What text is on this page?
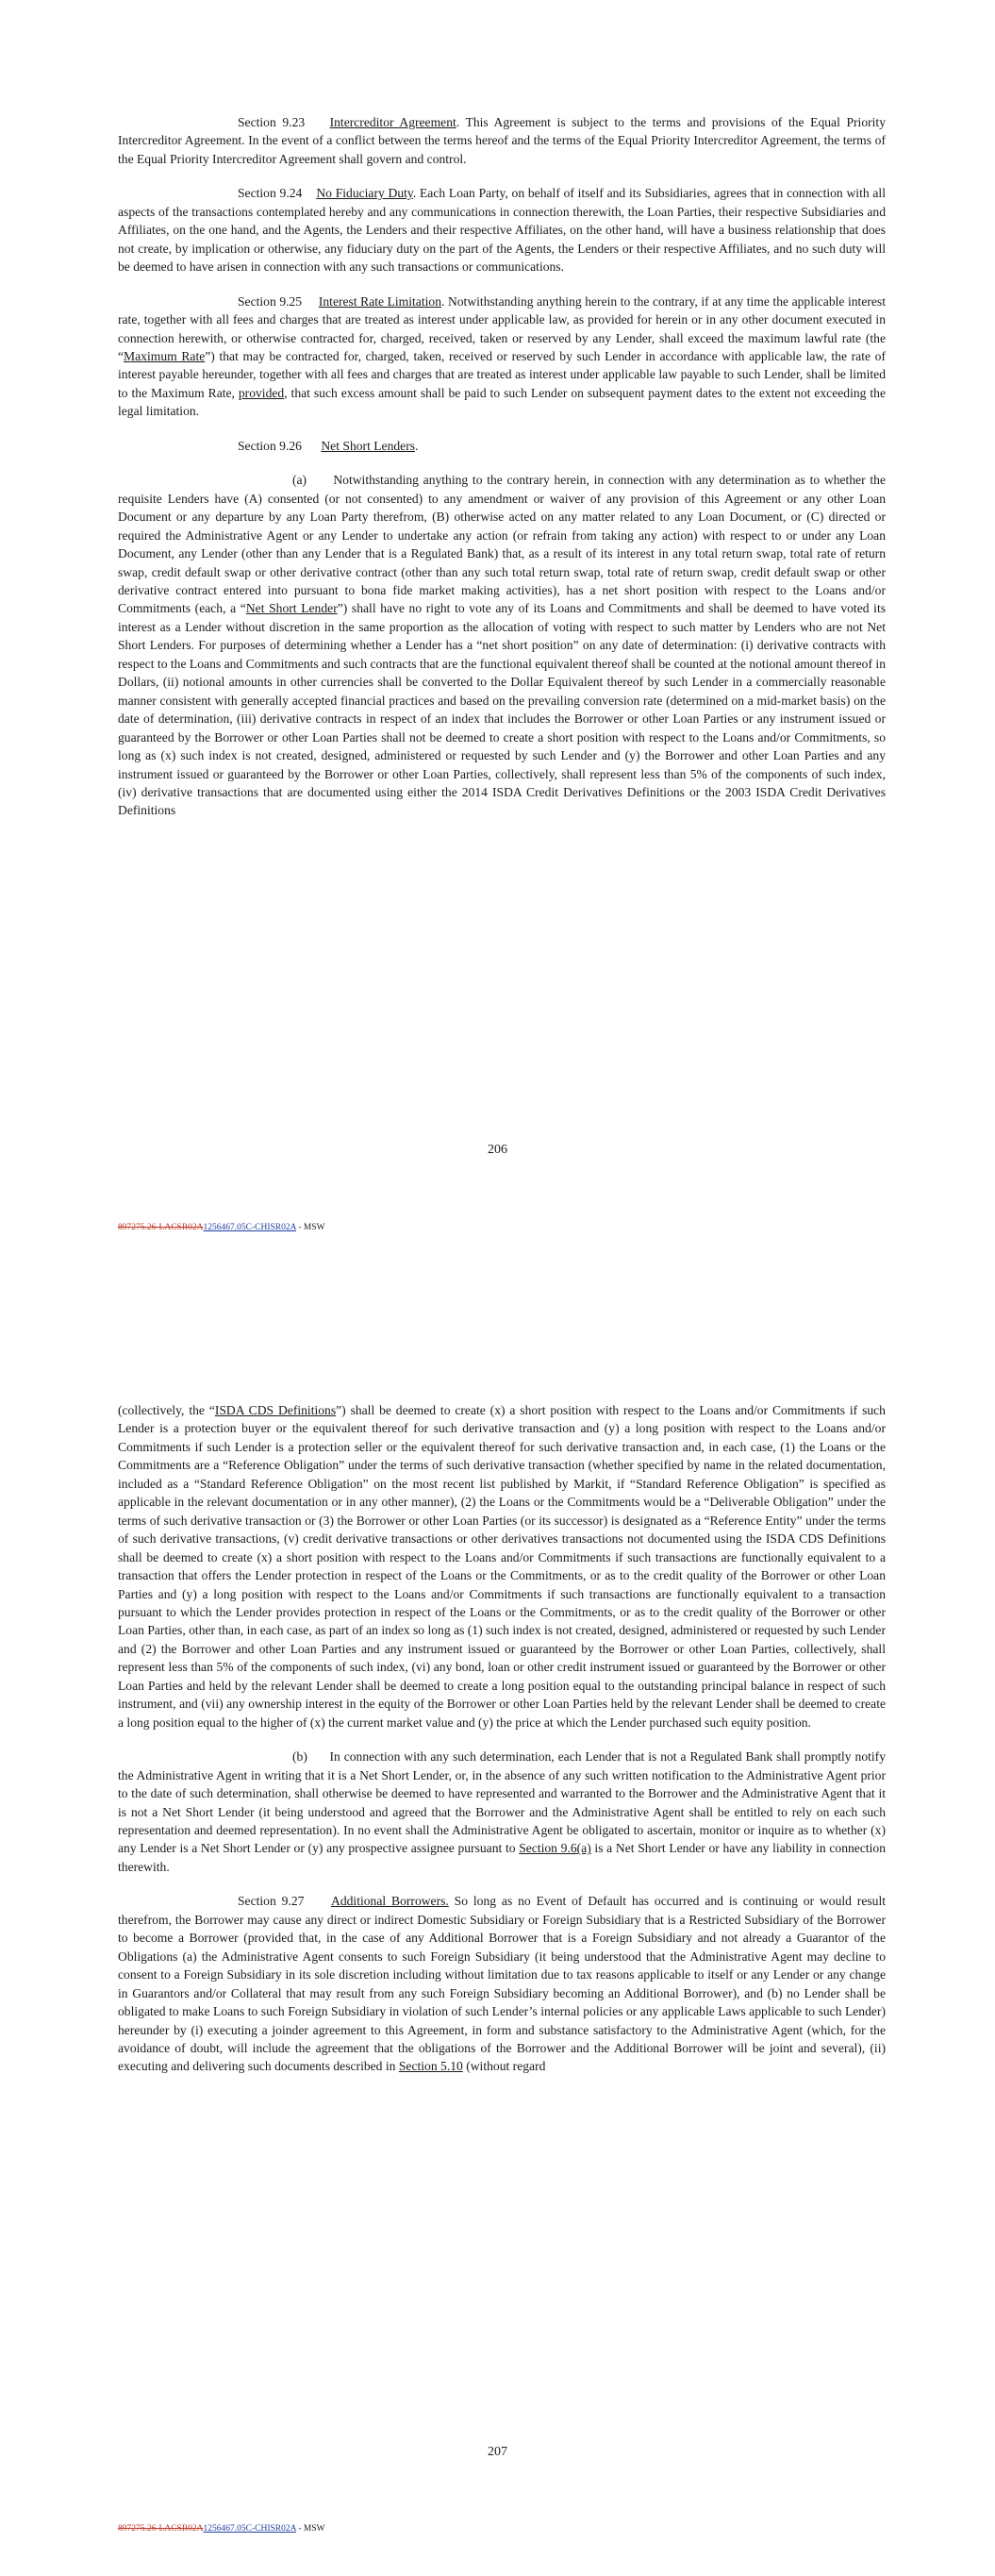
Section 9.23 Intercreditor Agreement. This Agreement is subject to the terms and provisions of the Equal Priority Intercreditor Agreement. In the event of a conflict between the terms hereof and the terms of the Equal Priority Intercreditor Agreement, the terms of the Equal Priority Intercreditor Agreement shall govern and control.

Section 9.24 No Fiduciary Duty. Each Loan Party, on behalf of itself and its Subsidiaries, agrees that in connection with all aspects of the transactions contemplated hereby and any communications in connection therewith, the Loan Parties, their respective Subsidiaries and Affiliates, on the one hand, and the Agents, the Lenders and their respective Affiliates, on the other hand, will have a business relationship that does not create, by implication or otherwise, any fiduciary duty on the part of the Agents, the Lenders or their respective Affiliates, and no such duty will be deemed to have arisen in connection with any such transactions or communications.

Section 9.25 Interest Rate Limitation. Notwithstanding anything herein to the contrary, if at any time the applicable interest rate, together with all fees and charges that are treated as interest under applicable law, as provided for herein or in any other document executed in connection herewith, or otherwise contracted for, charged, received, taken or reserved by any Lender, shall exceed the maximum lawful rate (the “Maximum Rate”) that may be contracted for, charged, taken, received or reserved by such Lender in accordance with applicable law, the rate of interest payable hereunder, together with all fees and charges that are treated as interest under applicable law payable to such Lender, shall be limited to the Maximum Rate, provided, that such excess amount shall be paid to such Lender on subsequent payment dates to the extent not exceeding the legal limitation.

Section 9.26 Net Short Lenders.

(a) Notwithstanding anything to the contrary herein, in connection with any determination as to whether the requisite Lenders have (A) consented (or not consented) to any amendment or waiver of any provision of this Agreement or any other Loan Document or any departure by any Loan Party therefrom, (B) otherwise acted on any matter related to any Loan Document, or (C) directed or required the Administrative Agent or any Lender to undertake any action (or refrain from taking any action) with respect to or under any Loan Document, any Lender (other than any Lender that is a Regulated Bank) that, as a result of its interest in any total return swap, total rate of return swap, credit default swap or other derivative contract (other than any such total return swap, total rate of return swap, credit default swap or other derivative contract entered into pursuant to bona fide market making activities), has a net short position with respect to the Loans and/or Commitments (each, a “Net Short Lender”) shall have no right to vote any of its Loans and Commitments and shall be deemed to have voted its interest as a Lender without discretion in the same proportion as the allocation of voting with respect to such matter by Lenders who are not Net Short Lenders. For purposes of determining whether a Lender has a “net short position” on any date of determination: (i) derivative contracts with respect to the Loans and Commitments and such contracts that are the functional equivalent thereof shall be counted at the notional amount thereof in Dollars, (ii) notional amounts in other currencies shall be converted to the Dollar Equivalent thereof by such Lender in a commercially reasonable manner consistent with generally accepted financial practices and based on the prevailing conversion rate (determined on a mid-market basis) on the date of determination, (iii) derivative contracts in respect of an index that includes the Borrower or other Loan Parties or any instrument issued or guaranteed by the Borrower or other Loan Parties shall not be deemed to create a short position with respect to the Loans and/or Commitments, so long as (x) such index is not created, designed, administered or requested by such Lender and (y) the Borrower and other Loan Parties and any instrument issued or guaranteed by the Borrower or other Loan Parties, collectively, shall represent less than 5% of the components of such index, (iv) derivative transactions that are documented using either the 2014 ISDA Credit Derivatives Definitions or the 2003 ISDA Credit Derivatives Definitions

206
897275.26-LACSR02A1256467.05C-CHISR02A - MSW

(collectively, the “ISDA CDS Definitions”) shall be deemed to create (x) a short position with respect to the Loans and/or Commitments if such Lender is a protection buyer or the equivalent thereof for such derivative transaction and (y) a long position with respect to the Loans and/or Commitments if such Lender is a protection seller or the equivalent thereof for such derivative transaction and, in each case, (1) the Loans or the Commitments are a “Reference Obligation” under the terms of such derivative transaction (whether specified by name in the related documentation, included as a “Standard Reference Obligation” on the most recent list published by Markit, if “Standard Reference Obligation” is specified as applicable in the relevant documentation or in any other manner), (2) the Loans or the Commitments would be a “Deliverable Obligation” under the terms of such derivative transaction or (3) the Borrower or other Loan Parties (or its successor) is designated as a “Reference Entity” under the terms of such derivative transactions, (v) credit derivative transactions or other derivatives transactions not documented using the ISDA CDS Definitions shall be deemed to create (x) a short position with respect to the Loans and/or Commitments if such transactions are functionally equivalent to a transaction that offers the Lender protection in respect of the Loans or the Commitments, or as to the credit quality of the Borrower or other Loan Parties and (y) a long position with respect to the Loans and/or Commitments if such transactions are functionally equivalent to a transaction pursuant to which the Lender provides protection in respect of the Loans or the Commitments, or as to the credit quality of the Borrower or other Loan Parties, other than, in each case, as part of an index so long as (1) such index is not created, designed, administered or requested by such Lender and (2) the Borrower and other Loan Parties and any instrument issued or guaranteed by the Borrower or other Loan Parties, collectively, shall represent less than 5% of the components of such index, (vi) any bond, loan or other credit instrument issued or guaranteed by the Borrower or other Loan Parties and held by the relevant Lender shall be deemed to create a long position equal to the outstanding principal balance in respect of such instrument, and (vii) any ownership interest in the equity of the Borrower or other Loan Parties held by the relevant Lender shall be deemed to create a long position equal to the higher of (x) the current market value and (y) the price at which the Lender purchased such equity position.

(b) In connection with any such determination, each Lender that is not a Regulated Bank shall promptly notify the Administrative Agent in writing that it is a Net Short Lender, or, in the absence of any such written notification to the Administrative Agent prior to the date of such determination, shall otherwise be deemed to have represented and warranted to the Borrower and the Administrative Agent that it is not a Net Short Lender (it being understood and agreed that the Borrower and the Administrative Agent shall be entitled to rely on each such representation and deemed representation). In no event shall the Administrative Agent be obligated to ascertain, monitor or inquire as to whether (x) any Lender is a Net Short Lender or (y) any prospective assignee pursuant to Section 9.6(a) is a Net Short Lender or have any liability in connection therewith.

Section 9.27 Additional Borrowers. So long as no Event of Default has occurred and is continuing or would result therefrom, the Borrower may cause any direct or indirect Domestic Subsidiary or Foreign Subsidiary that is a Restricted Subsidiary of the Borrower to become a Borrower (provided that, in the case of any Additional Borrower that is a Foreign Subsidiary and not already a Guarantor of the Obligations (a) the Administrative Agent consents to such Foreign Subsidiary (it being understood that the Administrative Agent may decline to consent to a Foreign Subsidiary in its sole discretion including without limitation due to tax reasons applicable to itself or any Lender or any change in Guarantors and/or Collateral that may result from any such Foreign Subsidiary becoming an Additional Borrower), and (b) no Lender shall be obligated to make Loans to such Foreign Subsidiary in violation of such Lender’s internal policies or any applicable Laws applicable to such Lender) hereunder by (i) executing a joinder agreement to this Agreement, in form and substance satisfactory to the Administrative Agent (which, for the avoidance of doubt, will include the agreement that the obligations of the Borrower and the Additional Borrower will be joint and several), (ii) executing and delivering such documents described in Section 5.10 (without regard

207
897275.26-LACSR02A1256467.05C-CHISR02A - MSW
